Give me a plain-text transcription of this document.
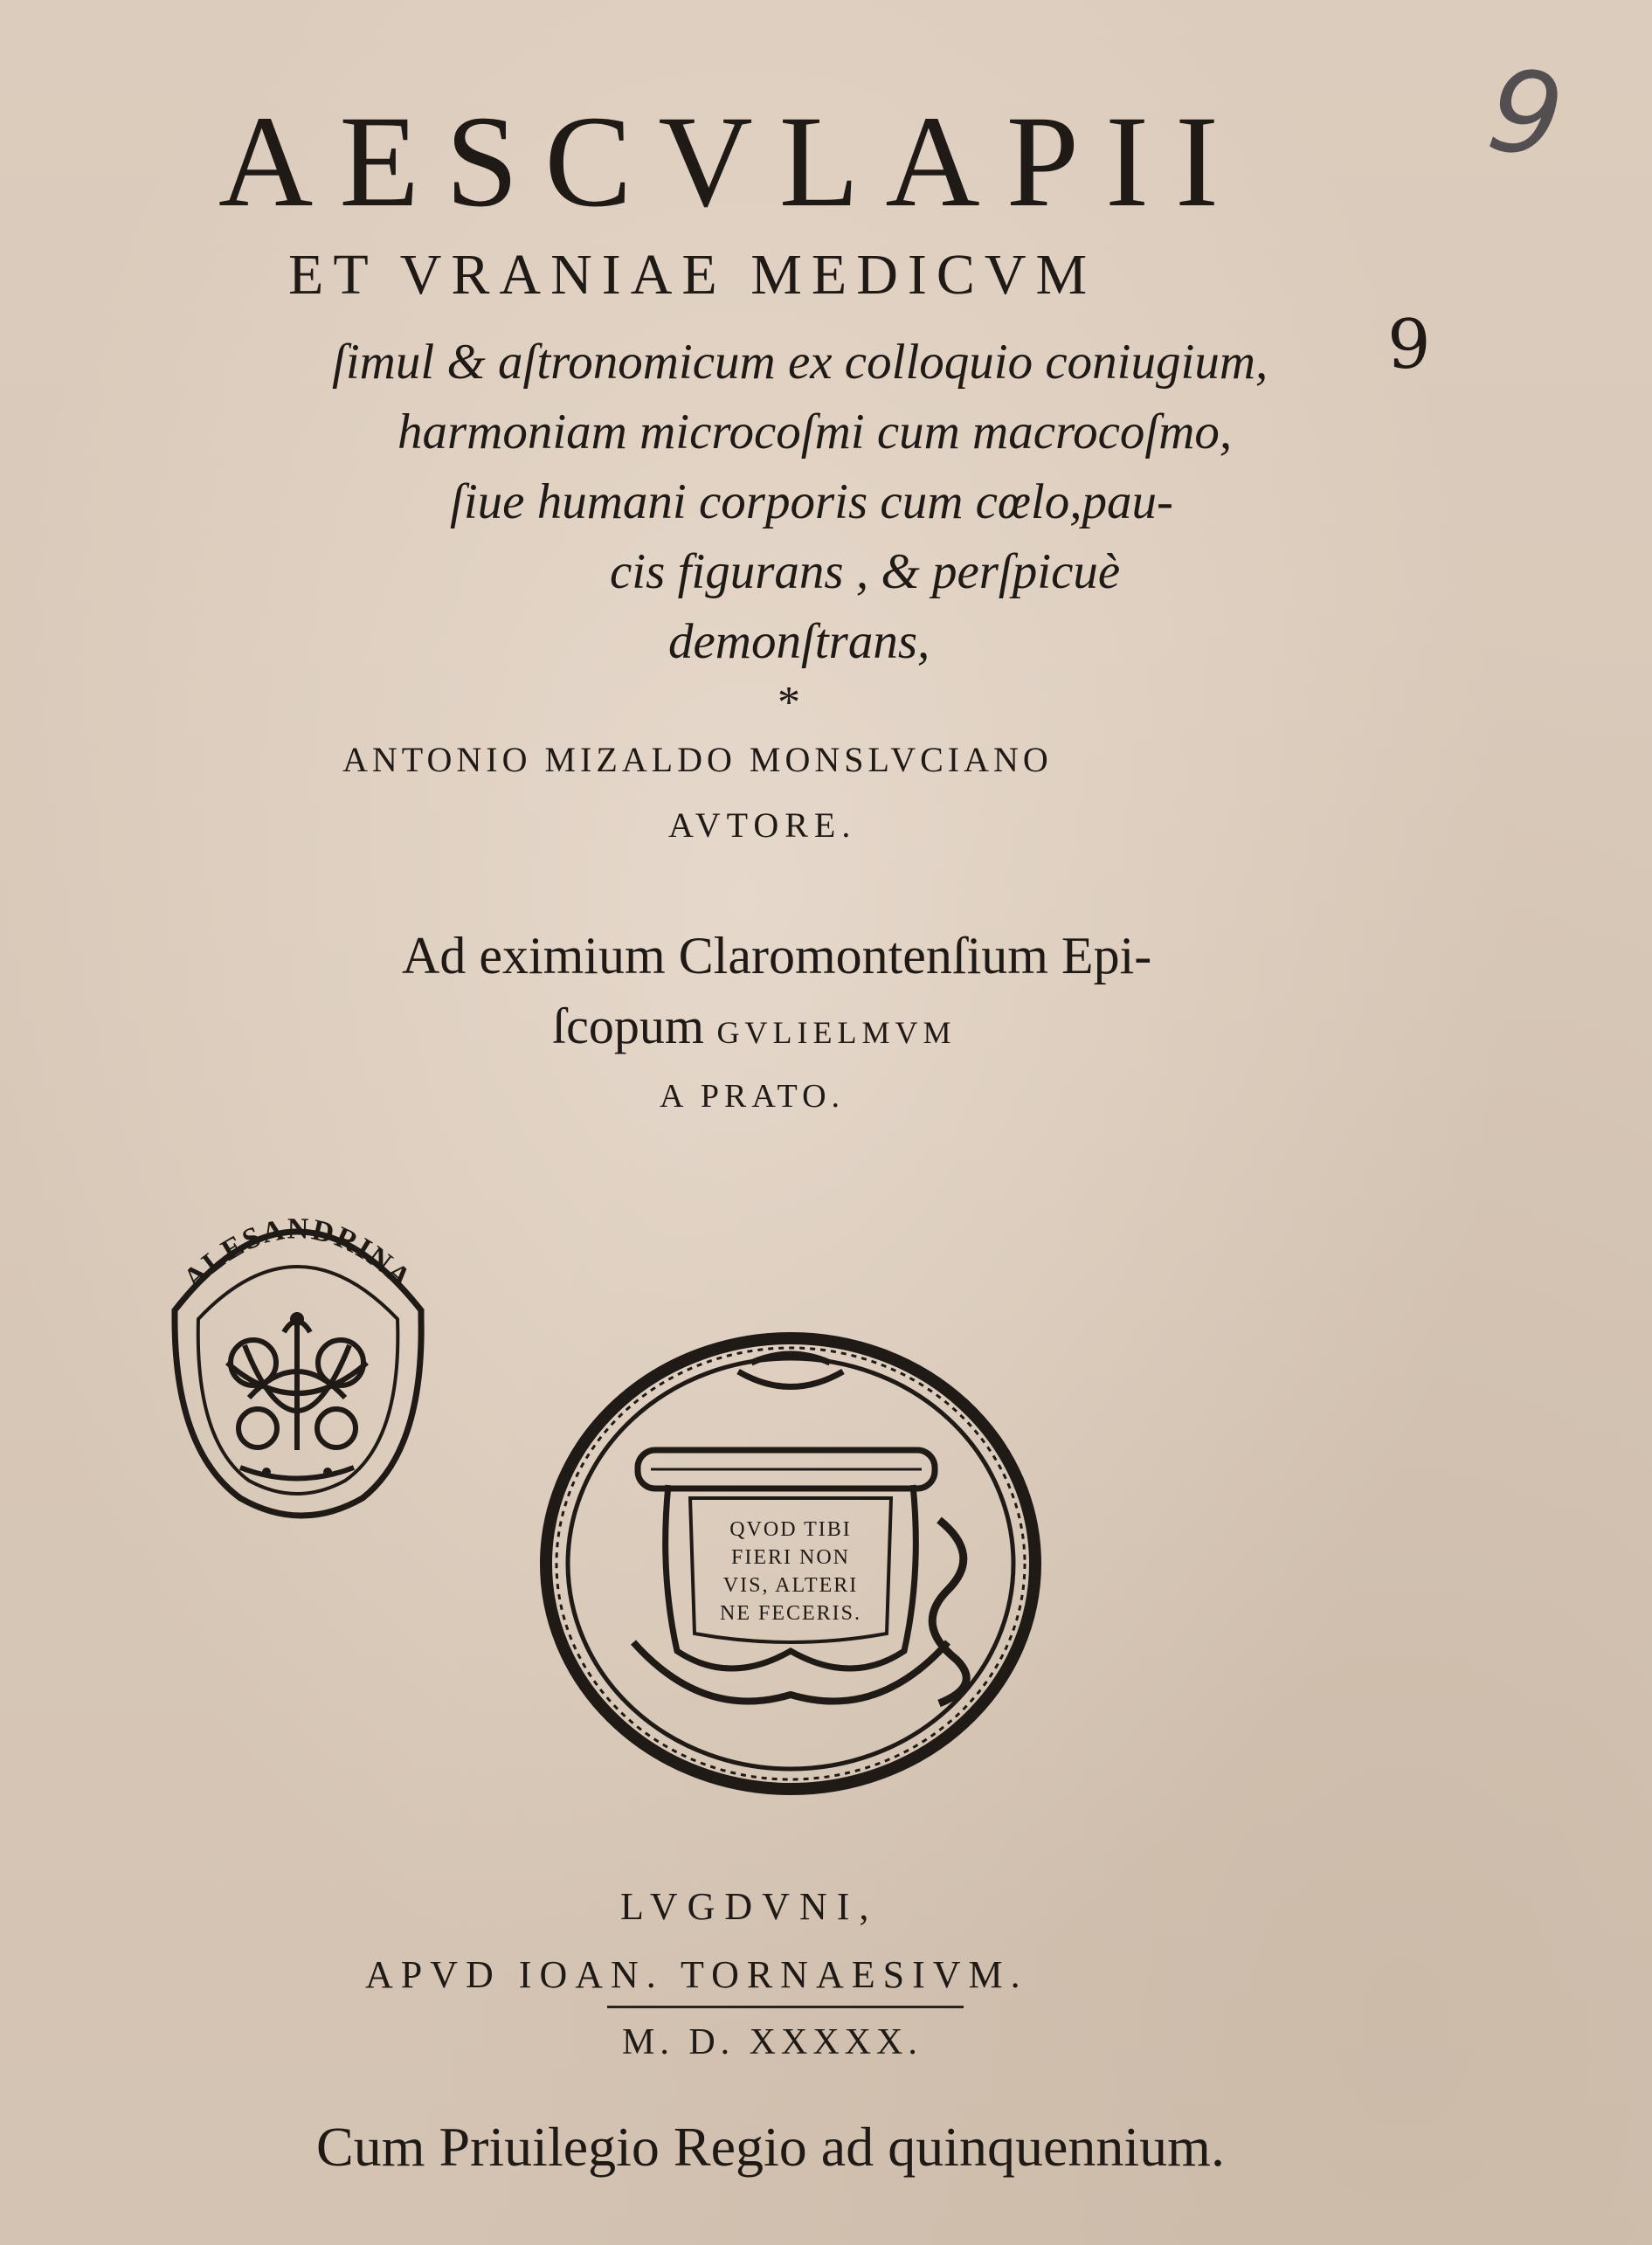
AESCVLAPII
ET VRANIAE MEDICVM
ſimul & aſtronomicum ex colloquio coniugium,
harmoniam microcoſmi cum macrocoſmo,
ſiue humani corporis cum cœlo,pau-
cis figurans , & perſpicuè
demonſtrans,
*
ANTONIO MIZALDO MONSLVCIANO
AVTORE.
Ad eximium Claromontenſium Epi-
ſcopum GVLIELMVM
A PRATO.
ALESANDRINA
QVOD TIBI
FIERI NON
VIS, ALTERI
NE FECERIS.
LVGDVNI,
APVD IOAN. TORNAESIVM.
M. D. XXXXX.
Cum Priuilegio Regio ad quinquennium.
9
9
